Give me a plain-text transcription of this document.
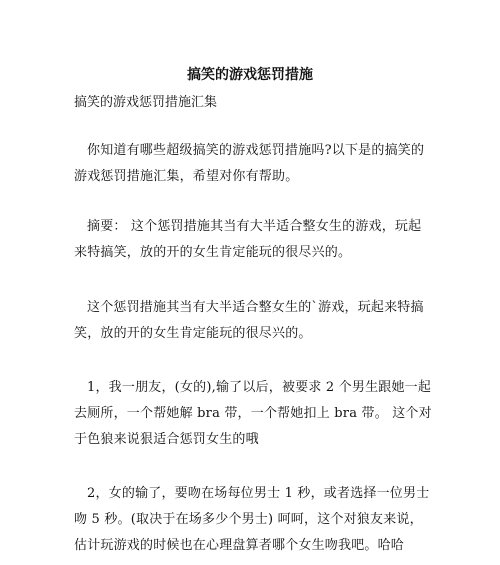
搞笑的游戏惩罚措施

搞笑的游戏惩罚措施汇集

你知道有哪些超级搞笑的游戏惩罚措施吗?以下是的搞笑的游戏惩罚措施汇集，希望对你有帮助。

摘要： 这个惩罚措施其当有大半适合整女生的游戏，玩起来特搞笑，放的开的女生肯定能玩的很尽兴的。

这个惩罚措施其当有大半适合整女生的`游戏，玩起来特搞笑，放的开的女生肯定能玩的很尽兴的。

1，我一朋友，(女的),输了以后，被要求 2 个男生跟她一起去厕所，一个帮她解 bra 带，一个帮她扣上 bra 带。 这个对于色狼来说狠适合惩罚女生的哦

2，女的输了，要吻在场每位男士 1 秒，或者选择一位男士吻 5 秒。(取决于在场多少个男士) 呵呵，这个对狼友来说，估计玩游戏的时候也在心理盘算者哪个女生吻我吧。哈哈
